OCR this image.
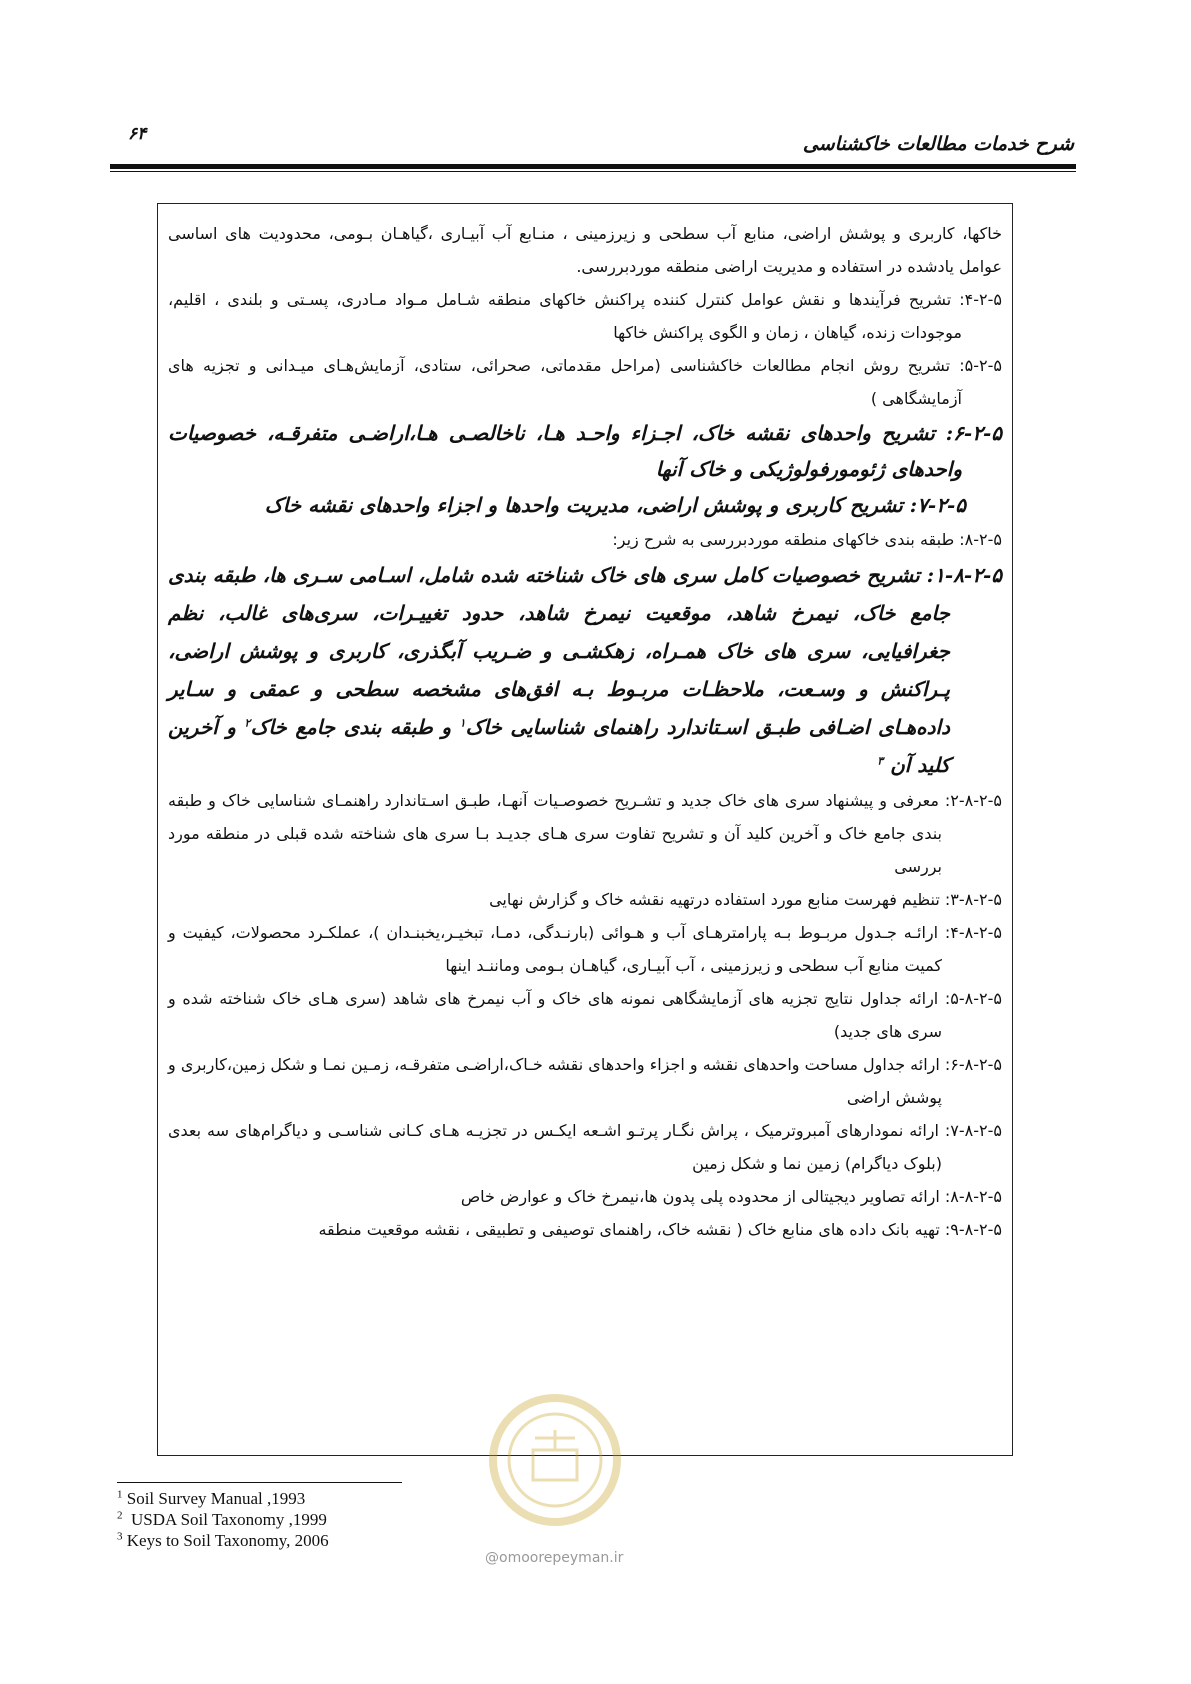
شرح خدمات مطالعات خاکشناسی
۶۴

خاکها، کاربری و پوشش اراضی، منابع آب سطحی و زیرزمینی ، منـابع آب آبیـاری ،گیاهـان بـومی، محدودیت های اساسی عوامل یادشده در استفاده و مدیریت اراضی منطقه موردبررسی.

۴-۲-۵: تشریح فرآیندها و نقش عوامل کنترل کننده پراکنش خاکهای منطقه شـامل مـواد مـادری، پسـتی و بلندی ، اقلیم، موجودات زنده، گیاهان ، زمان و الگوی پراکنش خاکها

۵-۲-۵: تشریح روش انجام مطالعات خاکشناسی (مراحل مقدماتی، صحرائی، ستادی، آزمایش‌هـای میـدانی و تجزیه های آزمایشگاهی )

۶-۲-۵: تشریح واحدهای نقشه خاک، اجـزاء واحـد هـا، ناخالصـی هـا،اراضـی متفرقـه، خصوصیات واحدهای ژئومورفولوژیکی و خاک آنها

۷-۲-۵: تشریح کاربری و پوشش اراضی، مدیریت واحدها و اجزاء واحدهای نقشه خاک

۸-۲-۵: طبقه بندی خاکهای منطقه موردبررسی به شرح زیر:

۱-۸-۲-۵: تشریح خصوصیات کامل سری های خاک شناخته شده شامل، اسـامی سـری ها، طبقه بندی جامع خاک، نیمرخ شاهد، موقعیت نیمرخ شاهد، حدود تغییـرات، سری‌های غالب، نظم جغرافیایی، سری های خاک همـراه، زهکشـی و ضـریب آبگذری، کاربری و پوشش اراضی، پـراکنش و وسـعت، ملاحظـات مربـوط بـه افق‌های مشخصه سطحی و عمقی و سـایر داده‌هـای اضـافی طبـق اسـتاندارد راهنمای شناسایی خاک$^۱$ و طبقه بندی جامع خاک$^۲$ و آخرین کلید آن $^۳$

۲-۸-۲-۵: معرفی و پیشنهاد سری های خاک جدید و تشـریح خصوصـیات آنهـا، طبـق اسـتاندارد راهنمـای شناسایی خاک و طبقه بندی جامع خاک و آخرین کلید آن و تشریح تفاوت سری هـای جدیـد بـا سری های شناخته شده قبلی در منطقه مورد بررسی

۳-۸-۲-۵: تنظیم فهرست منابع مورد استفاده درتهیه نقشه خاک و گزارش نهایی

۴-۸-۲-۵: ارائـه جـدول مربـوط بـه پارامترهـای آب و هـوائی (بارنـدگی، دمـا، تبخیـر،یخبنـدان )، عملکـرد محصولات، کیفیت و کمیت منابع آب سطحی و زیرزمینی ، آب آبیـاری، گیاهـان بـومی وماننـد اینها

۵-۸-۲-۵: ارائه جداول نتایج تجزیه های آزمایشگاهی نمونه های خاک و آب نیمرخ های شاهد (سری هـای خاک شناخته شده و سری های جدید)

۶-۸-۲-۵: ارائه جداول مساحت واحدهای نقشه و اجزاء واحدهای نقشه خـاک،اراضـی متفرقـه، زمـین نمـا و شکل زمین،کاربری و پوشش اراضی

۷-۸-۲-۵: ارائه نمودارهای آمبروترمیک ، پراش نگـار پرتـو اشـعه ایکـس در تجزیـه هـای کـانی شناسـی و دیاگرام‌های سه بعدی (بلوک دیاگرام) زمین نما و شکل زمین

۸-۸-۲-۵: ارائه تصاویر دیجیتالی از محدوده پلی پدون ها،نیمرخ خاک و عوارض خاص

۹-۸-۲-۵: تهیه بانک داده های منابع خاک ( نقشه خاک، راهنمای توصیفی و تطبیقی ، نقشه موقعیت منطقه

$^1$ Soil Survey Manual ,1993
$^2$ USDA Soil Taxonomy ,1999
$^3$ Keys to Soil Taxonomy, 2006
@omoorepeyman.ir
